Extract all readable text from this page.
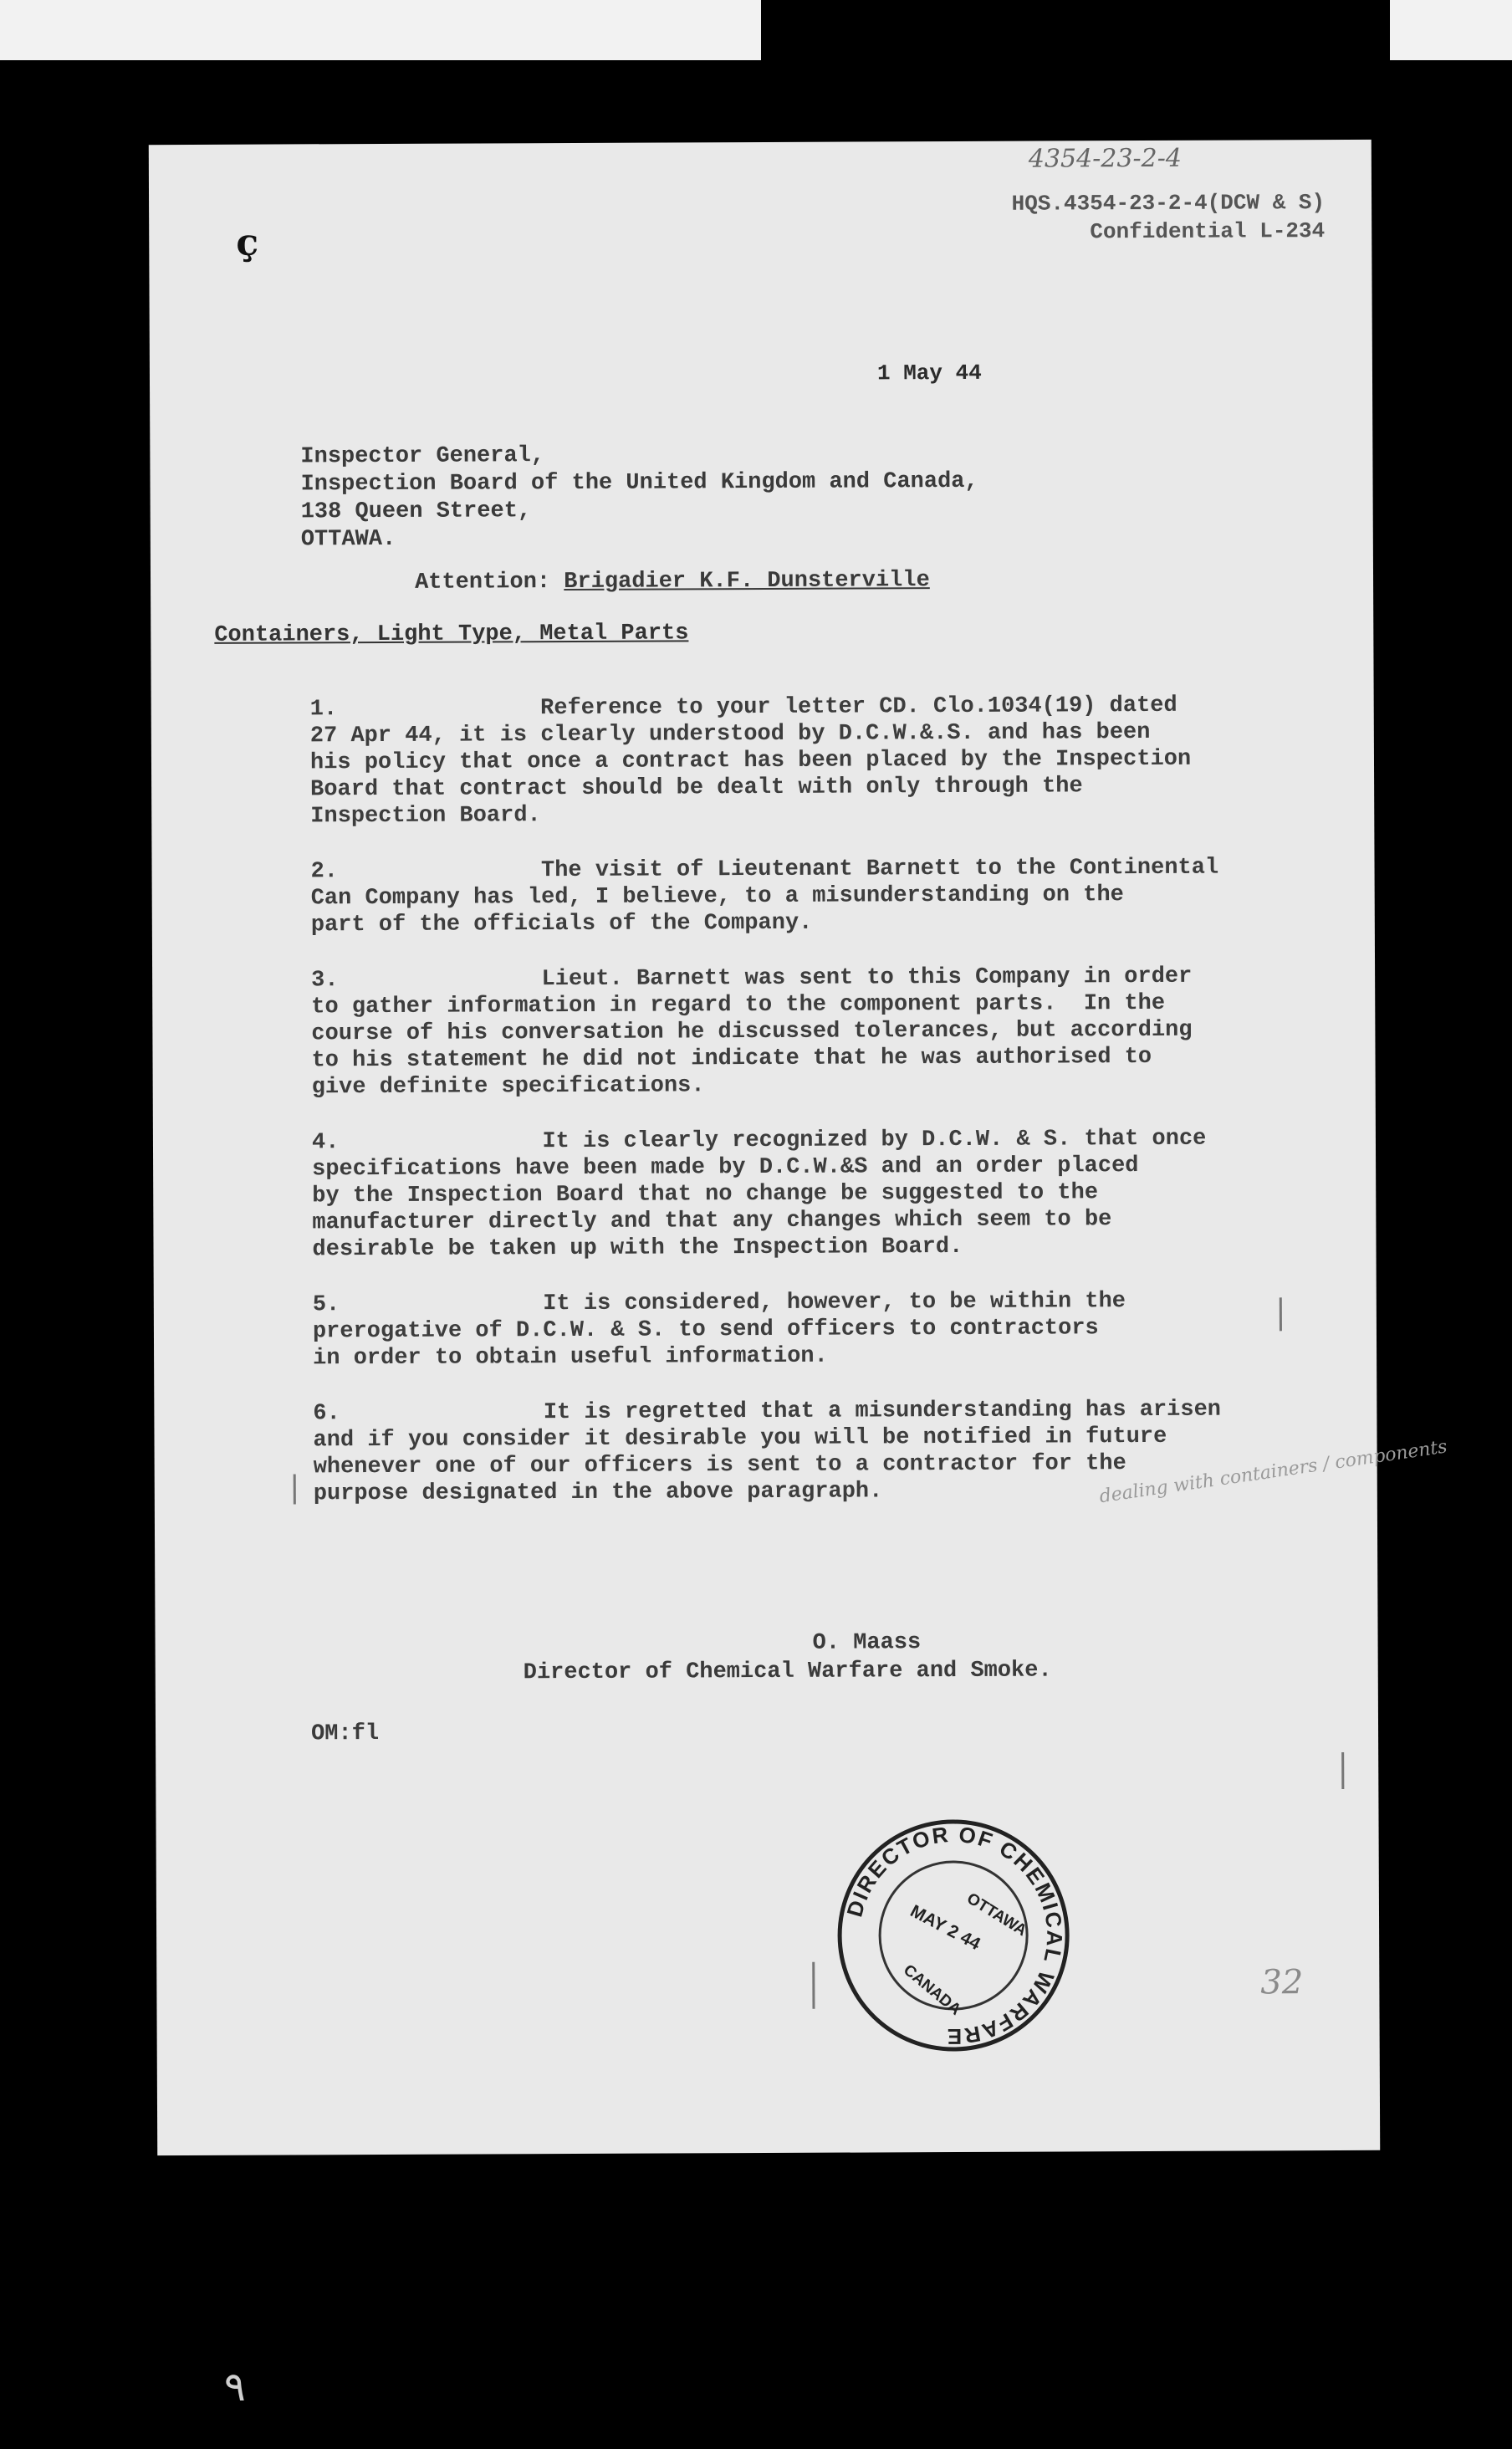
ҫ
4354-23-2-4
HQS.4354-23-2-4(DCW & S)
Confidential L-234
1 May 44
Inspector General,
Inspection Board of the United Kingdom and Canada,
138 Queen Street,
OTTAWA.
Attention: Brigadier K.F. Dunsterville
Containers, Light Type, Metal Parts
1.               Reference to your letter CD. Clo.1034(19) dated
27 Apr 44, it is clearly understood by D.C.W.&.S. and has been
his policy that once a contract has been placed by the Inspection
Board that contract should be dealt with only through the
Inspection Board.
2.               The visit of Lieutenant Barnett to the Continental
Can Company has led, I believe, to a misunderstanding on the
part of the officials of the Company.
3.               Lieut. Barnett was sent to this Company in order
to gather information in regard to the component parts.  In the
course of his conversation he discussed tolerances, but according
to his statement he did not indicate that he was authorised to
give definite specifications.
4.               It is clearly recognized by D.C.W. & S. that once
specifications have been made by D.C.W.&S and an order placed
by the Inspection Board that no change be suggested to the
manufacturer directly and that any changes which seem to be
desirable be taken up with the Inspection Board.
5.               It is considered, however, to be within the
prerogative of D.C.W. & S. to send officers to contractors
in order to obtain useful information.
6.               It is regretted that a misunderstanding has arisen
and if you consider it desirable you will be notified in future
whenever one of our officers is sent to a contractor for the
purpose designated in the above paragraph.	dealing with containers / components
O. Maass
Director of Chemical Warfare and Smoke.
OM:fl
DIRECTOR OF CHEMICAL WARFARE
OTTAWA
MAY 2 44
CANADA	32
٩
